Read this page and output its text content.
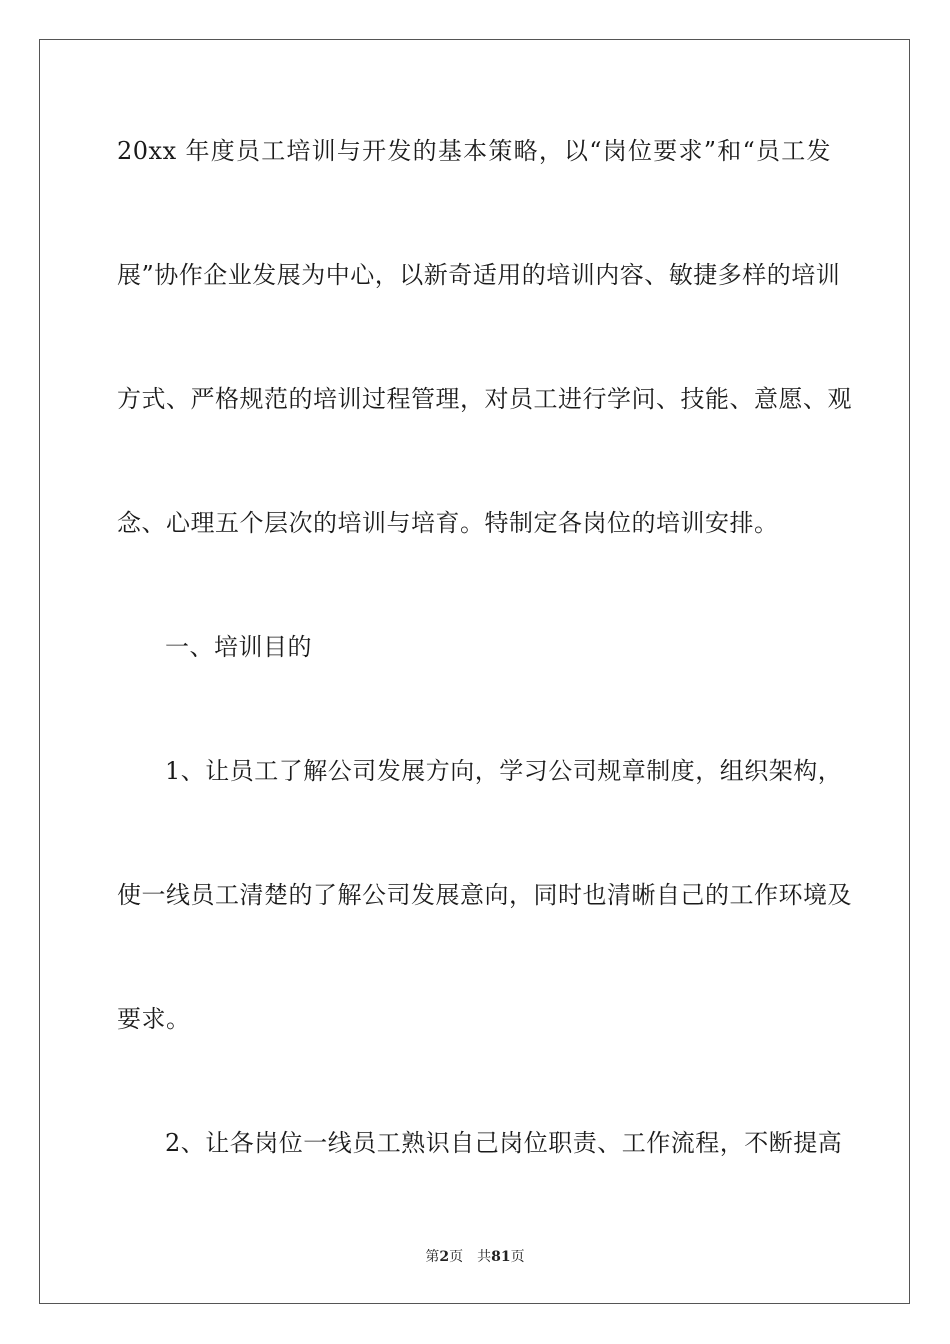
20xx 年度员工培训与开发的基本策略，以“岗位要求”和“员工发
展”协作企业发展为中心，以新奇适用的培训内容、敏捷多样的培训
方式、严格规范的培训过程管理，对员工进行学问、技能、意愿、观
念、心理五个层次的培训与培育。特制定各岗位的培训安排。
一、培训目的
1、让员工了解公司发展方向，学习公司规章制度，组织架构，
使一线员工清楚的了解公司发展意向，同时也清晰自己的工作环境及
要求。
2、让各岗位一线员工熟识自己岗位职责、工作流程，不断提高
第2页 共81页
